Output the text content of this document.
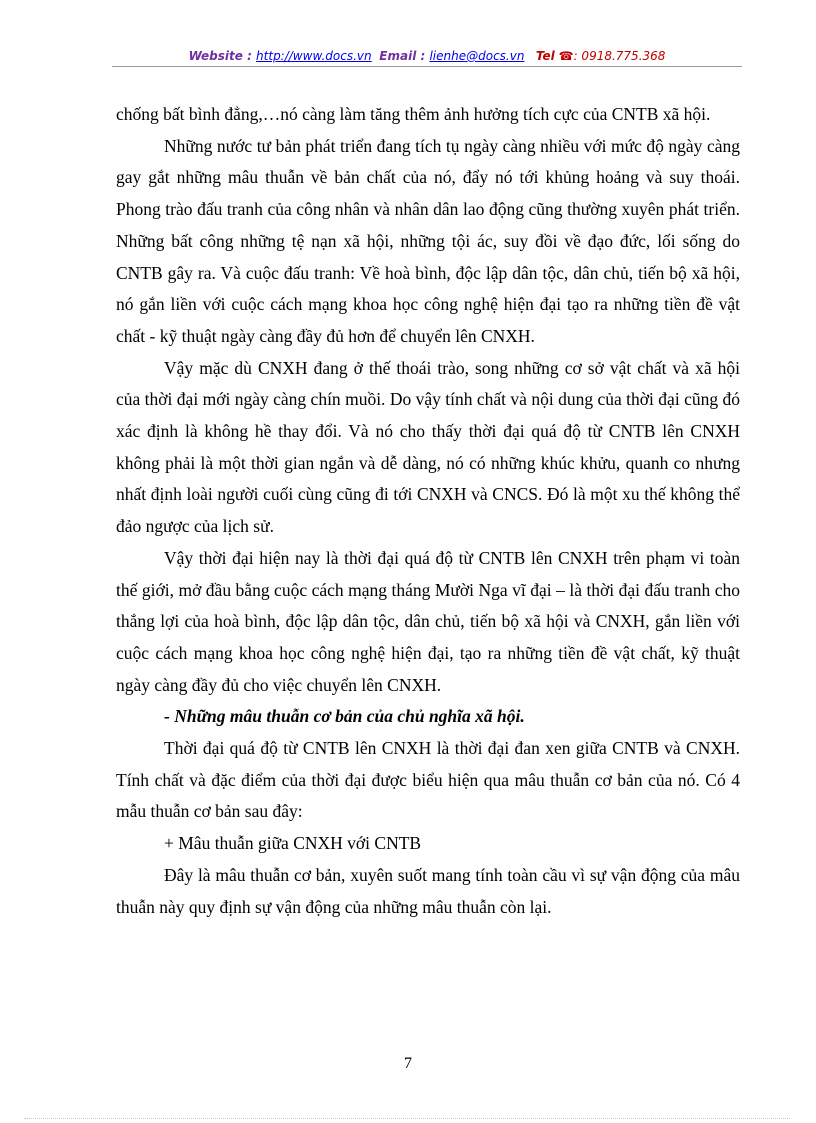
Website : http://www.docs.vn Email : lienhe@docs.vn Tel ☎: 0918.775.368

chống bất bình đẳng,…nó càng làm tăng thêm ảnh hưởng tích cực của CNTB xã hội.

Những nước tư bản phát triển đang tích tụ ngày càng nhiều với mức độ ngày càng gay gắt những mâu thuẫn về bản chất của nó, đẩy nó tới khủng hoảng và suy thoái. Phong trào đấu tranh của công nhân và nhân dân lao động cũng thường xuyên phát triển. Những bất công những tệ nạn xã hội, những tội ác, suy đồi về đạo đức, lối sống do CNTB gây ra. Và cuộc đấu tranh: Về hoà bình, độc lập dân tộc, dân chủ, tiến bộ xã hội, nó gắn liền với cuộc cách mạng khoa học công nghệ hiện đại tạo ra những tiền đề vật chất - kỹ thuật ngày càng đầy đủ hơn để chuyển lên CNXH.

Vậy mặc dù CNXH đang ở thế thoái trào, song những cơ sở vật chất và xã hội của thời đại mới ngày càng chín muồi. Do vậy tính chất và nội dung của thời đại cũng đó xác định là không hề thay đổi. Và nó cho thấy thời đại quá độ từ CNTB lên CNXH không phải là một thời gian ngắn và dễ dàng, nó có những khúc khửu, quanh co nhưng nhất định loài người cuối cùng cũng đi tới CNXH và CNCS. Đó là một xu thế không thể đảo ngược của lịch sử.

Vậy thời đại hiện nay là thời đại quá độ từ CNTB lên CNXH trên phạm vi toàn thế giới, mở đầu bằng cuộc cách mạng tháng Mười Nga vĩ đại – là thời đại đấu tranh cho thắng lợi của hoà bình, độc lập dân tộc, dân chủ, tiến bộ xã hội và CNXH, gắn liền với cuộc cách mạng khoa học công nghệ hiện đại, tạo ra những tiền đề vật chất, kỹ thuật ngày càng đầy đủ cho việc chuyển lên CNXH.

- Những mâu thuẫn cơ bản của chủ nghĩa xã hội.

Thời đại quá độ từ CNTB lên CNXH là thời đại đan xen giữa CNTB và CNXH. Tính chất và đặc điểm của thời đại được biểu hiện qua mâu thuẫn cơ bản của nó. Có 4 mẫu thuẫn cơ bản sau đây:

+ Mâu thuẫn giữa CNXH với CNTB

Đây là mâu thuẫn cơ bản, xuyên suốt mang tính toàn cầu vì sự vận động của mâu thuẫn này quy định sự vận động của những mâu thuẫn còn lại.

7
